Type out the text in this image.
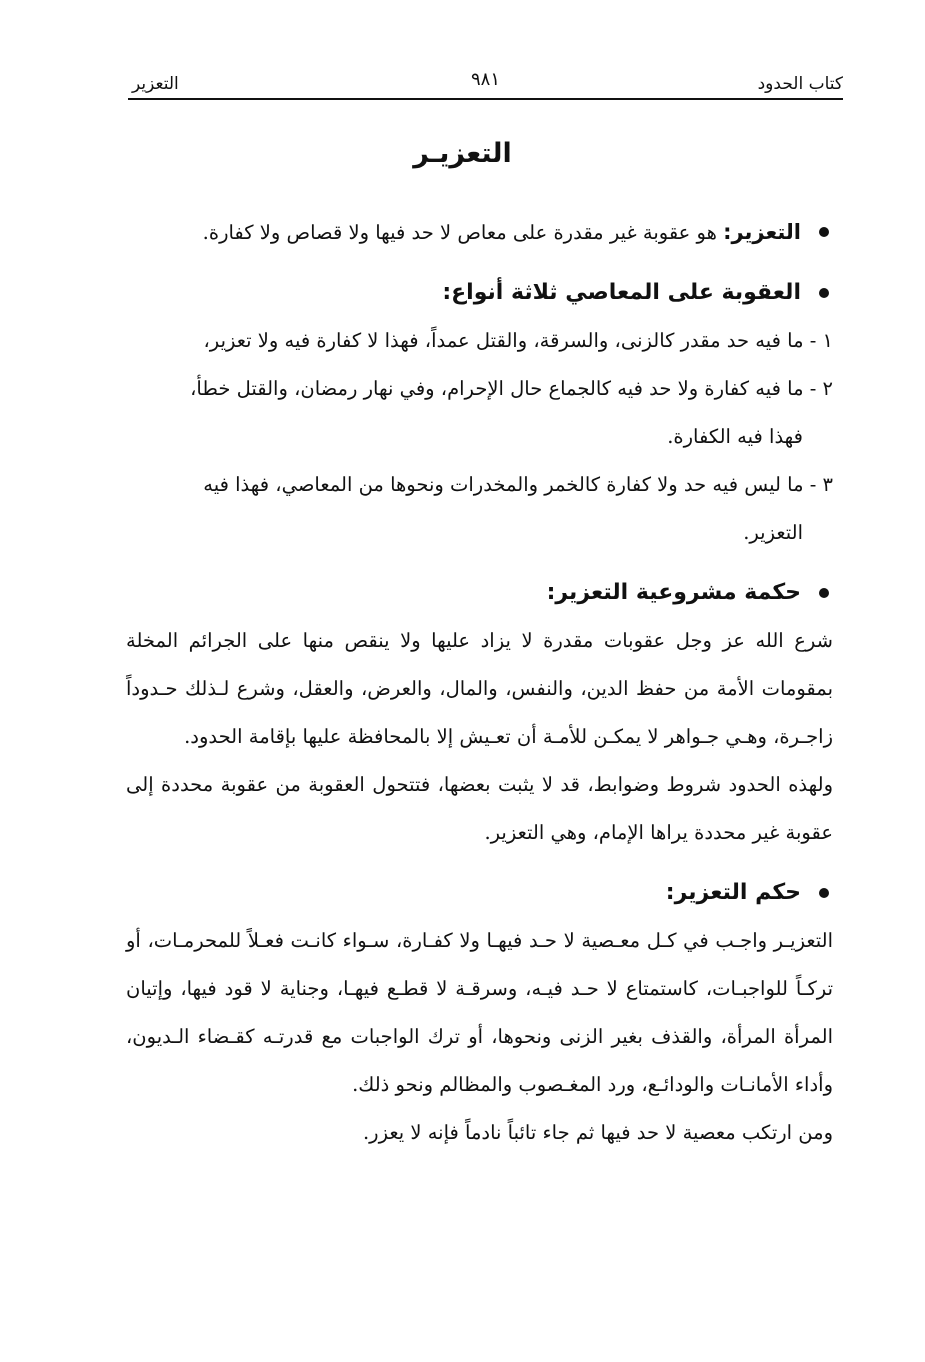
كتاب الحدود
٩٨١
التعزير
التعزيـر
التعزير: هو عقوبة غير مقدرة على معاص لا حد فيها ولا قصاص ولا كفارة.
العقوبة على المعاصي ثلاثة أنواع:
١ - ما فيه حد مقدر كالزنى، والسرقة، والقتل عمداً، فهذا لا كفارة فيه ولا تعزير،
٢ - ما فيه كفارة ولا حد فيه كالجماع حال الإحرام، وفي نهار رمضان، والقتل خطأ،
فهذا فيه الكفارة.
٣ - ما ليس فيه حد ولا كفارة كالخمر والمخدرات ونحوها من المعاصي، فهذا فيه
التعزير.
حكمة مشروعية التعزير:

شرع الله عز وجل عقوبات مقدرة لا يزاد عليها ولا ينقص منها على الجرائم المخلة بمقومات الأمة من حفظ الدين، والنفس، والمال، والعرض، والعقل، وشرع لـذلك حـدوداً زاجـرة، وهـي جـواهر لا يمكـن للأمـة أن تعـيش إلا بالمحافظة عليها بإقامة الحدود.

ولهذه الحدود شروط وضوابط، قد لا يثبت بعضها، فتتحول العقوبة من عقوبة محددة إلى عقوبة غير محددة يراها الإمام، وهي التعزير.

حكم التعزير:

التعزيـر واجـب في كـل معـصية لا حـد فيهـا ولا كفـارة، سـواء كانـت فعـلاً للمحرمـات، أو تركـاً للواجبـات، كاستمتاع لا حـد فيـه، وسرقـة لا قطـع فيهـا، وجناية لا قود فيها، وإتيان المرأة المرأة، والقذف بغير الزنى ونحوها، أو ترك الواجبات مع قدرتـه كقـضاء الـديون، وأداء الأمانـات والودائـع، ورد المغـصوب والمظالم ونحو ذلك.

ومن ارتكب معصية لا حد فيها ثم جاء تائباً نادماً فإنه لا يعزر.
